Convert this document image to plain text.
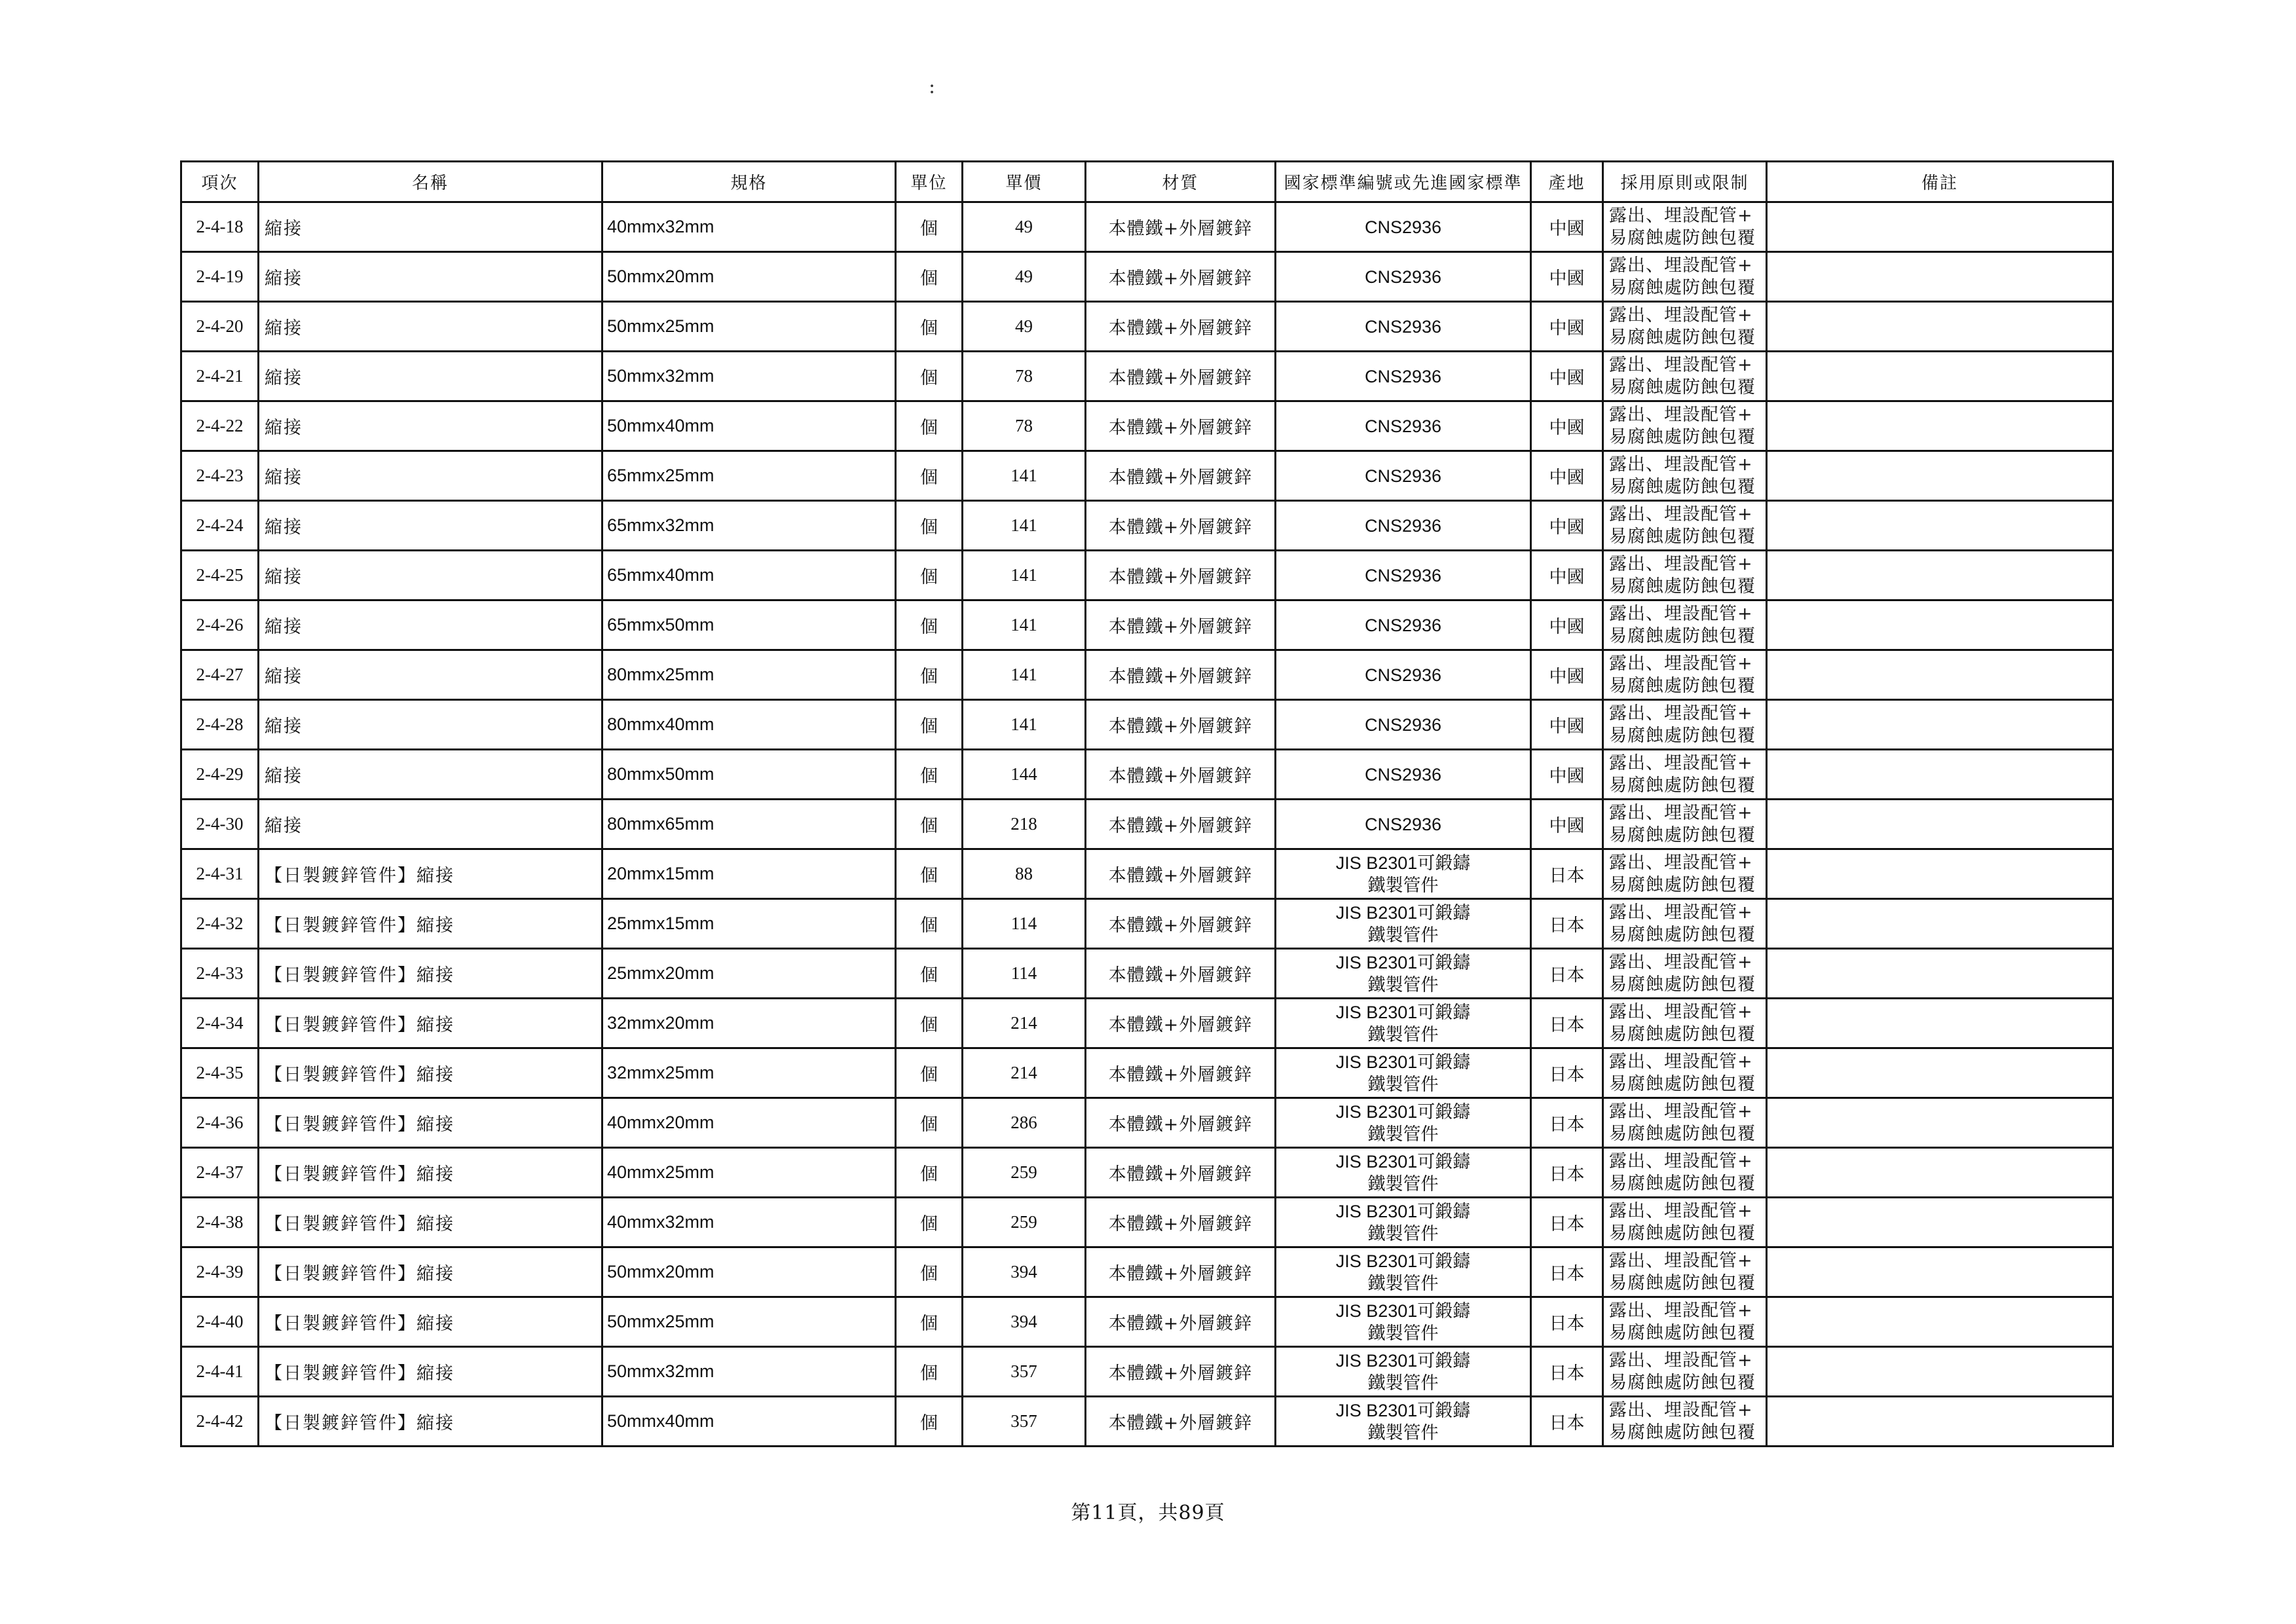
:
項次	名稱	規格	單位	單價	材質	國家標準編號或先進國家標準	產地	採用原則或限制	備註
2-4-18	縮接	40mmx32mm	個	49	本體鐵+外層鍍鋅	CNS2936	中國	露出、埋設配管+
易腐蝕處防蝕包覆	

2-4-19	縮接	50mmx20mm	個	49	本體鐵+外層鍍鋅	CNS2936	中國	露出、埋設配管+
易腐蝕處防蝕包覆	

2-4-20	縮接	50mmx25mm	個	49	本體鐵+外層鍍鋅	CNS2936	中國	露出、埋設配管+
易腐蝕處防蝕包覆	

2-4-21	縮接	50mmx32mm	個	78	本體鐵+外層鍍鋅	CNS2936	中國	露出、埋設配管+
易腐蝕處防蝕包覆	

2-4-22	縮接	50mmx40mm	個	78	本體鐵+外層鍍鋅	CNS2936	中國	露出、埋設配管+
易腐蝕處防蝕包覆	

2-4-23	縮接	65mmx25mm	個	141	本體鐵+外層鍍鋅	CNS2936	中國	露出、埋設配管+
易腐蝕處防蝕包覆	

2-4-24	縮接	65mmx32mm	個	141	本體鐵+外層鍍鋅	CNS2936	中國	露出、埋設配管+
易腐蝕處防蝕包覆	

2-4-25	縮接	65mmx40mm	個	141	本體鐵+外層鍍鋅	CNS2936	中國	露出、埋設配管+
易腐蝕處防蝕包覆	

2-4-26	縮接	65mmx50mm	個	141	本體鐵+外層鍍鋅	CNS2936	中國	露出、埋設配管+
易腐蝕處防蝕包覆	

2-4-27	縮接	80mmx25mm	個	141	本體鐵+外層鍍鋅	CNS2936	中國	露出、埋設配管+
易腐蝕處防蝕包覆	

2-4-28	縮接	80mmx40mm	個	141	本體鐵+外層鍍鋅	CNS2936	中國	露出、埋設配管+
易腐蝕處防蝕包覆	

2-4-29	縮接	80mmx50mm	個	144	本體鐵+外層鍍鋅	CNS2936	中國	露出、埋設配管+
易腐蝕處防蝕包覆	

2-4-30	縮接	80mmx65mm	個	218	本體鐵+外層鍍鋅	CNS2936	中國	露出、埋設配管+
易腐蝕處防蝕包覆	

2-4-31	【日製鍍鋅管件】縮接	20mmx15mm	個	88	本體鐵+外層鍍鋅	JIS B2301可鍛鑄
鐵製管件	日本	露出、埋設配管+
易腐蝕處防蝕包覆	

2-4-32	【日製鍍鋅管件】縮接	25mmx15mm	個	114	本體鐵+外層鍍鋅	JIS B2301可鍛鑄
鐵製管件	日本	露出、埋設配管+
易腐蝕處防蝕包覆	

2-4-33	【日製鍍鋅管件】縮接	25mmx20mm	個	114	本體鐵+外層鍍鋅	JIS B2301可鍛鑄
鐵製管件	日本	露出、埋設配管+
易腐蝕處防蝕包覆	

2-4-34	【日製鍍鋅管件】縮接	32mmx20mm	個	214	本體鐵+外層鍍鋅	JIS B2301可鍛鑄
鐵製管件	日本	露出、埋設配管+
易腐蝕處防蝕包覆	

2-4-35	【日製鍍鋅管件】縮接	32mmx25mm	個	214	本體鐵+外層鍍鋅	JIS B2301可鍛鑄
鐵製管件	日本	露出、埋設配管+
易腐蝕處防蝕包覆	

2-4-36	【日製鍍鋅管件】縮接	40mmx20mm	個	286	本體鐵+外層鍍鋅	JIS B2301可鍛鑄
鐵製管件	日本	露出、埋設配管+
易腐蝕處防蝕包覆	

2-4-37	【日製鍍鋅管件】縮接	40mmx25mm	個	259	本體鐵+外層鍍鋅	JIS B2301可鍛鑄
鐵製管件	日本	露出、埋設配管+
易腐蝕處防蝕包覆	

2-4-38	【日製鍍鋅管件】縮接	40mmx32mm	個	259	本體鐵+外層鍍鋅	JIS B2301可鍛鑄
鐵製管件	日本	露出、埋設配管+
易腐蝕處防蝕包覆	

2-4-39	【日製鍍鋅管件】縮接	50mmx20mm	個	394	本體鐵+外層鍍鋅	JIS B2301可鍛鑄
鐵製管件	日本	露出、埋設配管+
易腐蝕處防蝕包覆	

2-4-40	【日製鍍鋅管件】縮接	50mmx25mm	個	394	本體鐵+外層鍍鋅	JIS B2301可鍛鑄
鐵製管件	日本	露出、埋設配管+
易腐蝕處防蝕包覆	

2-4-41	【日製鍍鋅管件】縮接	50mmx32mm	個	357	本體鐵+外層鍍鋅	JIS B2301可鍛鑄
鐵製管件	日本	露出、埋設配管+
易腐蝕處防蝕包覆	

2-4-42	【日製鍍鋅管件】縮接	50mmx40mm	個	357	本體鐵+外層鍍鋅	JIS B2301可鍛鑄
鐵製管件	日本	露出、埋設配管+
易腐蝕處防蝕包覆	

第11頁，共89頁
